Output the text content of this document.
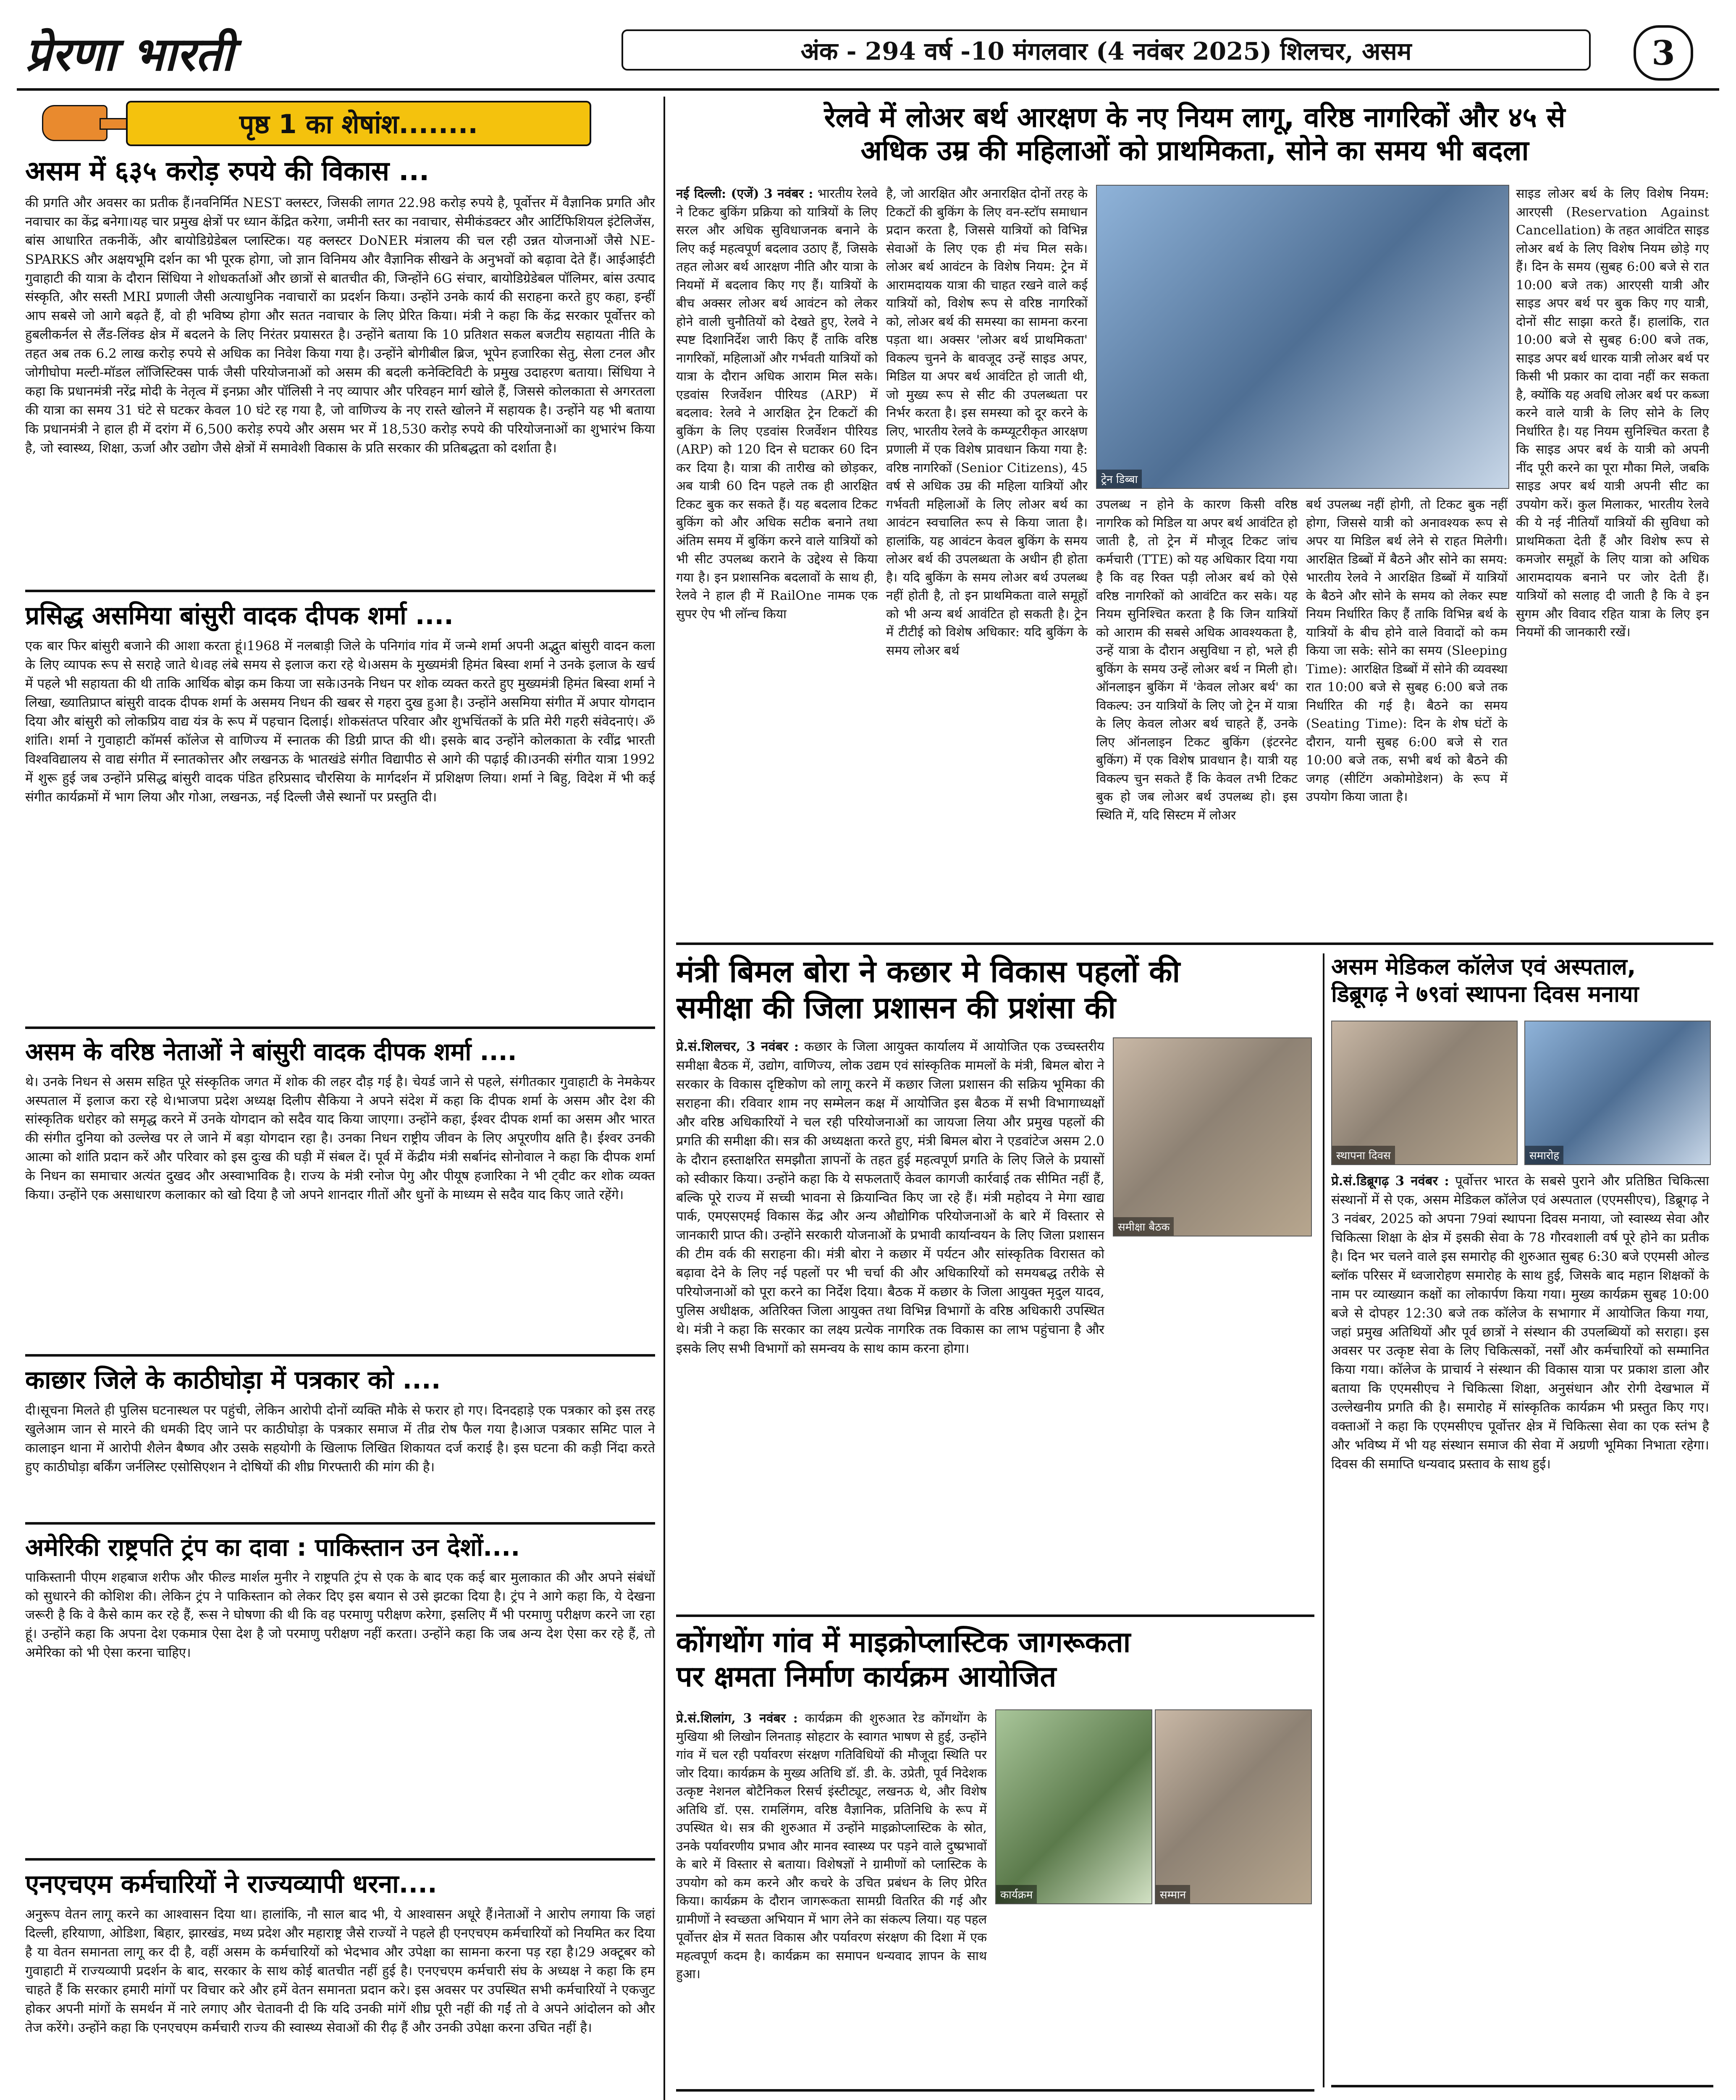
प्रेरणा भारती	अंक - 294 वर्ष -10 मंगलवार (4 नवंबर 2025) शिलचर, असम	3
पृष्ठ 1 का शेषांश........
असम में ६३५ करोड़ रुपये की विकास ...
की प्रगति और अवसर का प्रतीक हैं।नवनिर्मित NEST क्लस्टर, जिसकी लागत 22.98 करोड़ रुपये है, पूर्वोत्तर में वैज्ञानिक प्रगति और नवाचार का केंद्र बनेगा।यह चार प्रमुख क्षेत्रों पर ध्यान केंद्रित करेगा, जमीनी स्तर का नवाचार, सेमीकंडक्टर और आर्टिफिशियल इंटेलिजेंस, बांस आधारित तकनीकें, और बायोडिग्रेडेबल प्लास्टिक। यह क्लस्टर DoNER मंत्रालय की चल रही उन्नत योजनाओं जैसे NE-SPARKS और अक्षयभूमि दर्शन का भी पूरक होगा, जो ज्ञान विनिमय और वैज्ञानिक सीखने के अनुभवों को बढ़ावा देते हैं। आईआईटी गुवाहाटी की यात्रा के दौरान सिंधिया ने शोधकर्ताओं और छात्रों से बातचीत की, जिन्होंने 6G संचार, बायोडिग्रेडेबल पॉलिमर, बांस उत्पाद संस्कृति, और सस्ती MRI प्रणाली जैसी अत्याधुनिक नवाचारों का प्रदर्शन किया। उन्होंने उनके कार्य की सराहना करते हुए कहा, इन्हीं आप सबसे जो आगे बढ़ते हैं, वो ही भविष्य होगा और सतत नवाचार के लिए प्रेरित किया। मंत्री ने कहा कि केंद्र सरकार पूर्वोत्तर को हुबलीकर्नल से लैंड-लिंक्ड क्षेत्र में बदलने के लिए निरंतर प्रयासरत है। उन्होंने बताया कि 10 प्रतिशत सकल बजटीय सहायता नीति के तहत अब तक 6.2 लाख करोड़ रुपये से अधिक का निवेश किया गया है। उन्होंने बोगीबील ब्रिज, भूपेन हजारिका सेतु, सेला टनल और जोगीघोपा मल्टी-मॉडल लॉजिस्टिक्स पार्क जैसी परियोजनाओं को असम की बदली कनेक्टिविटी के प्रमुख उदाहरण बताया। सिंधिया ने कहा कि प्रधानमंत्री नरेंद्र मोदी के नेतृत्व में इनफ्रा और पॉलिसी ने नए व्यापार और परिवहन मार्ग खोले हैं, जिससे कोलकाता से अगरतला की यात्रा का समय 31 घंटे से घटकर केवल 10 घंटे रह गया है, जो वाणिज्य के नए रास्ते खोलने में सहायक है। उन्होंने यह भी बताया कि प्रधानमंत्री ने हाल ही में दरांग में 6,500 करोड़ रुपये और असम भर में 18,530 करोड़ रुपये की परियोजनाओं का शुभारंभ किया है, जो स्वास्थ्य, शिक्षा, ऊर्जा और उद्योग जैसे क्षेत्रों में समावेशी विकास के प्रति सरकार की प्रतिबद्धता को दर्शाता है।
प्रसिद्ध असमिया बांसुरी वादक दीपक शर्मा ....
एक बार फिर बांसुरी बजाने की आशा करता हूं।1968 में नलबाड़ी जिले के पनिगांव गांव में जन्मे शर्मा अपनी अद्भुत बांसुरी वादन कला के लिए व्यापक रूप से सराहे जाते थे।वह लंबे समय से इलाज करा रहे थे।असम के मुख्यमंत्री हिमंत बिस्वा शर्मा ने उनके इलाज के खर्च में पहले भी सहायता की थी ताकि आर्थिक बोझ कम किया जा सके।उनके निधन पर शोक व्यक्त करते हुए मुख्यमंत्री हिमंत बिस्वा शर्मा ने लिखा, ख्यातिप्राप्त बांसुरी वादक दीपक शर्मा के असमय निधन की खबर से गहरा दुख हुआ है। उन्होंने असमिया संगीत में अपार योगदान दिया और बांसुरी को लोकप्रिय वाद्य यंत्र के रूप में पहचान दिलाई। शोकसंतप्त परिवार और शुभचिंतकों के प्रति मेरी गहरी संवेदनाएं। ॐ शांति। शर्मा ने गुवाहाटी कॉमर्स कॉलेज से वाणिज्य में स्नातक की डिग्री प्राप्त की थी। इसके बाद उन्होंने कोलकाता के रवींद्र भारती विश्वविद्यालय से वाद्य संगीत में स्नातकोत्तर और लखनऊ के भातखंडे संगीत विद्यापीठ से आगे की पढ़ाई की।उनकी संगीत यात्रा 1992 में शुरू हुई जब उन्होंने प्रसिद्ध बांसुरी वादक पंडित हरिप्रसाद चौरसिया के मार्गदर्शन में प्रशिक्षण लिया। शर्मा ने बिहु, विदेश में भी कई संगीत कार्यक्रमों में भाग लिया और गोआ, लखनऊ, नई दिल्ली जैसे स्थानों पर प्रस्तुति दी।
असम के वरिष्ठ नेताओं ने बांसुरी वादक दीपक शर्मा ....
थे। उनके निधन से असम सहित पूरे संस्कृतिक जगत में शोक की लहर दौड़ गई है। चेयर्ड जाने से पहले, संगीतकार गुवाहाटी के नेमकेयर अस्पताल में इलाज करा रहे थे।भाजपा प्रदेश अध्यक्ष दिलीप सैकिया ने अपने संदेश में कहा कि दीपक शर्मा के असम और देश की सांस्कृतिक धरोहर को समृद्ध करने में उनके योगदान को सदैव याद किया जाएगा। उन्होंने कहा, ईश्वर दीपक शर्मा का असम और भारत की संगीत दुनिया को उल्लेख पर ले जाने में बड़ा योगदान रहा है। उनका निधन राष्ट्रीय जीवन के लिए अपूरणीय क्षति है। ईश्वर उनकी आत्मा को शांति प्रदान करें और परिवार को इस दुःख की घड़ी में संबल दें। पूर्व में केंद्रीय मंत्री सर्बानंद सोनोवाल ने कहा कि दीपक शर्मा के निधन का समाचार अत्यंत दुखद और अस्वाभाविक है। राज्य के मंत्री रनोज पेगु और पीयूष हजारिका ने भी ट्वीट कर शोक व्यक्त किया। उन्होंने एक असाधारण कलाकार को खो दिया है जो अपने शानदार गीतों और धुनों के माध्यम से सदैव याद किए जाते रहेंगे।
काछार जिले के काठीघोड़ा में पत्रकार को ....
दी।सूचना मिलते ही पुलिस घटनास्थल पर पहुंची, लेकिन आरोपी दोनों व्यक्ति मौके से फरार हो गए। दिनदहाड़े एक पत्रकार को इस तरह खुलेआम जान से मारने की धमकी दिए जाने पर काठीघोड़ा के पत्रकार समाज में तीव्र रोष फैल गया है।आज पत्रकार समिट पाल ने कालाइन थाना में आरोपी शैलेन बैष्णव और उसके सहयोगी के खिलाफ लिखित शिकायत दर्ज कराई है। इस घटना की कड़ी निंदा करते हुए काठीघोड़ा बर्किंग जर्नलिस्ट एसोसिएशन ने दोषियों की शीघ्र गिरफ्तारी की मांग की है।
अमेरिकी राष्ट्रपति ट्रंप का दावा : पाकिस्तान उन देशों....
पाकिस्तानी पीएम शहबाज शरीफ और फील्ड मार्शल मुनीर ने राष्ट्रपति ट्रंप से एक के बाद एक कई बार मुलाकात की और अपने संबंधों को सुधारने की कोशिश की। लेकिन ट्रंप ने पाकिस्तान को लेकर दिए इस बयान से उसे झटका दिया है। ट्रंप ने आगे कहा कि, ये देखना जरूरी है कि वे कैसे काम कर रहे हैं, रूस ने घोषणा की थी कि वह परमाणु परीक्षण करेगा, इसलिए मैं भी परमाणु परीक्षण करने जा रहा हूं। उन्होंने कहा कि अपना देश एकमात्र ऐसा देश है जो परमाणु परीक्षण नहीं करता। उन्होंने कहा कि जब अन्य देश ऐसा कर रहे हैं, तो अमेरिका को भी ऐसा करना चाहिए।
एनएचएम कर्मचारियों ने राज्यव्यापी धरना....
अनुरूप वेतन लागू करने का आश्वासन दिया था। हालांकि, नौ साल बाद भी, ये आश्वासन अधूरे हैं।नेताओं ने आरोप लगाया कि जहां दिल्ली, हरियाणा, ओडिशा, बिहार, झारखंड, मध्य प्रदेश और महाराष्ट्र जैसे राज्यों ने पहले ही एनएचएम कर्मचारियों को नियमित कर दिया है या वेतन समानता लागू कर दी है, वहीं असम के कर्मचारियों को भेदभाव और उपेक्षा का सामना करना पड़ रहा है।29 अक्टूबर को गुवाहाटी में राज्यव्यापी प्रदर्शन के बाद, सरकार के साथ कोई बातचीत नहीं हुई है। एनएचएम कर्मचारी संघ के अध्यक्ष ने कहा कि हम चाहते हैं कि सरकार हमारी मांगों पर विचार करे और हमें वेतन समानता प्रदान करे। इस अवसर पर उपस्थित सभी कर्मचारियों ने एकजुट होकर अपनी मांगों के समर्थन में नारे लगाए और चेतावनी दी कि यदि उनकी मांगें शीघ्र पूरी नहीं की गईं तो वे अपने आंदोलन को और तेज करेंगे। उन्होंने कहा कि एनएचएम कर्मचारी राज्य की स्वास्थ्य सेवाओं की रीढ़ हैं और उनकी उपेक्षा करना उचित नहीं है।
रेलवे में लोअर बर्थ आरक्षण के नए नियम लागू, वरिष्ठ नागरिकों और ४५ से
अधिक उम्र की महिलाओं को प्राथमिकता, सोने का समय भी बदला
नई दिल्ली: (एजें) 3 नवंबर : भारतीय रेलवे ने टिकट बुकिंग प्रक्रिया को यात्रियों के लिए सरल और अधिक सुविधाजनक बनाने के लिए कई महत्वपूर्ण बदलाव उठाए हैं, जिसके तहत लोअर बर्थ आरक्षण नीति और यात्रा के नियमों में बदलाव किए गए हैं। यात्रियों के बीच अक्सर लोअर बर्थ आवंटन को लेकर होने वाली चुनौतियों को देखते हुए, रेलवे ने स्पष्ट दिशानिर्देश जारी किए हैं ताकि वरिष्ठ नागरिकों, महिलाओं और गर्भवती यात्रियों को यात्रा के दौरान अधिक आराम मिल सके। एडवांस रिजर्वेशन पीरियड (ARP) में बदलाव: रेलवे ने आरक्षित ट्रेन टिकटों की बुकिंग के लिए एडवांस रिजर्वेशन पीरियड (ARP) को 120 दिन से घटाकर 60 दिन कर दिया है। यात्रा की तारीख को छोड़कर, अब यात्री 60 दिन पहले तक ही आरक्षित टिकट बुक कर सकते हैं। यह बदलाव टिकट बुकिंग को और अधिक सटीक बनाने तथा अंतिम समय में बुकिंग करने वाले यात्रियों को भी सीट उपलब्ध कराने के उद्देश्य से किया गया है। इन प्रशासनिक बदलावों के साथ ही, रेलवे ने हाल ही में RailOne नामक एक सुपर ऐप भी लॉन्च किया
है, जो आरक्षित और अनारक्षित दोनों तरह के टिकटों की बुकिंग के लिए वन-स्टॉप समाधान प्रदान करता है, जिससे यात्रियों को विभिन्न सेवाओं के लिए एक ही मंच मिल सके। लोअर बर्थ आवंटन के विशेष नियम: ट्रेन में आरामदायक यात्रा की चाहत रखने वाले कई यात्रियों को, विशेष रूप से वरिष्ठ नागरिकों को, लोअर बर्थ की समस्या का सामना करना पड़ता था। अक्सर 'लोअर बर्थ प्राथमिकता' विकल्प चुनने के बावजूद उन्हें साइड अपर, मिडिल या अपर बर्थ आवंटित हो जाती थी, जो मुख्य रूप से सीट की उपलब्धता पर निर्भर करता है। इस समस्या को दूर करने के लिए, भारतीय रेलवे के कम्प्यूटरीकृत आरक्षण प्रणाली में एक विशेष प्रावधान किया गया है: वरिष्ठ नागरिकों (Senior Citizens), 45 वर्ष से अधिक उम्र की महिला यात्रियों और गर्भवती महिलाओं के लिए लोअर बर्थ का आवंटन स्वचालित रूप से किया जाता है। हालांकि, यह आवंटन केवल बुकिंग के समय लोअर बर्थ की उपलब्धता के अधीन ही होता है। यदि बुकिंग के समय लोअर बर्थ उपलब्ध नहीं होती है, तो इन प्राथमिकता वाले समूहों को भी अन्य बर्थ आवंटित हो सकती है। ट्रेन में टीटीई को विशेष अधिकार: यदि बुकिंग के समय लोअर बर्थ
ट्रेन डिब्बा
उपलब्ध न होने के कारण किसी वरिष्ठ नागरिक को मिडिल या अपर बर्थ आवंटित हो जाती है, तो ट्रेन में मौजूद टिकट जांच कर्मचारी (TTE) को यह अधिकार दिया गया है कि वह रिक्त पड़ी लोअर बर्थ को ऐसे वरिष्ठ नागरिकों को आवंटित कर सके। यह नियम सुनिश्चित करता है कि जिन यात्रियों को आराम की सबसे अधिक आवश्यकता है, उन्हें यात्रा के दौरान असुविधा न हो, भले ही बुकिंग के समय उन्हें लोअर बर्थ न मिली हो। ऑनलाइन बुकिंग में 'केवल लोअर बर्थ' का विकल्प: उन यात्रियों के लिए जो ट्रेन में यात्रा के लिए केवल लोअर बर्थ चाहते हैं, उनके लिए ऑनलाइन टिकट बुकिंग (इंटरनेट बुकिंग) में एक विशेष प्रावधान है। यात्री यह विकल्प चुन सकते हैं कि केवल तभी टिकट बुक हो जब लोअर बर्थ उपलब्ध हो। इस स्थिति में, यदि सिस्टम में लोअर
बर्थ उपलब्ध नहीं होगी, तो टिकट बुक नहीं होगा, जिससे यात्री को अनावश्यक रूप से अपर या मिडिल बर्थ लेने से राहत मिलेगी। आरक्षित डिब्बों में बैठने और सोने का समय: भारतीय रेलवे ने आरक्षित डिब्बों में यात्रियों के बैठने और सोने के समय को लेकर स्पष्ट नियम निर्धारित किए हैं ताकि विभिन्न बर्थ के यात्रियों के बीच होने वाले विवादों को कम किया जा सके: सोने का समय (Sleeping Time): आरक्षित डिब्बों में सोने की व्यवस्था रात 10:00 बजे से सुबह 6:00 बजे तक निर्धारित की गई है। बैठने का समय (Seating Time): दिन के शेष घंटों के दौरान, यानी सुबह 6:00 बजे से रात 10:00 बजे तक, सभी बर्थ को बैठने की जगह (सीटिंग अकोमोडेशन) के रूप में उपयोग किया जाता है।
साइड लोअर बर्थ के लिए विशेष नियम: आरएसी (Reservation Against Cancellation) के तहत आवंटित साइड लोअर बर्थ के लिए विशेष नियम छोड़े गए हैं। दिन के समय (सुबह 6:00 बजे से रात 10:00 बजे तक) आरएसी यात्री और साइड अपर बर्थ पर बुक किए गए यात्री, दोनों सीट साझा करते हैं। हालांकि, रात 10:00 बजे से सुबह 6:00 बजे तक, साइड अपर बर्थ धारक यात्री लोअर बर्थ पर किसी भी प्रकार का दावा नहीं कर सकता है, क्योंकि यह अवधि लोअर बर्थ पर कब्जा करने वाले यात्री के लिए सोने के लिए निर्धारित है। यह नियम सुनिश्चित करता है कि साइड अपर बर्थ के यात्री को अपनी नींद पूरी करने का पूरा मौका मिले, जबकि साइड अपर बर्थ यात्री अपनी सीट का उपयोग करें। कुल मिलाकर, भारतीय रेलवे की ये नई नीतियाँ यात्रियों की सुविधा को प्राथमिकता देती हैं और विशेष रूप से कमजोर समूहों के लिए यात्रा को अधिक आरामदायक बनाने पर जोर देती हैं। यात्रियों को सलाह दी जाती है कि वे इन सुगम और विवाद रहित यात्रा के लिए इन नियमों की जानकारी रखें।
मंत्री बिमल बोरा ने कछार मे विकास पहलों की
समीक्षा की जिला प्रशासन की प्रशंसा की
समीक्षा बैठक
प्रे.सं.शिलचर, 3 नवंबर : कछार के जिला आयुक्त कार्यालय में आयोजित एक उच्चस्तरीय समीक्षा बैठक में, उद्योग, वाणिज्य, लोक उद्यम एवं सांस्कृतिक मामलों के मंत्री, बिमल बोरा ने सरकार के विकास दृष्टिकोण को लागू करने में कछार जिला प्रशासन की सक्रिय भूमिका की सराहना की। रविवार शाम नए सम्मेलन कक्ष में आयोजित इस बैठक में सभी विभागाध्यक्षों और वरिष्ठ अधिकारियों ने चल रही परियोजनाओं का जायजा लिया और प्रमुख पहलों की प्रगति की समीक्षा की। सत्र की अध्यक्षता करते हुए, मंत्री बिमल बोरा ने एडवांटेज असम 2.0 के दौरान हस्ताक्षरित समझौता ज्ञापनों के तहत हुई महत्वपूर्ण प्रगति के लिए जिले के प्रयासों को स्वीकार किया। उन्होंने कहा कि ये सफलताएँ केवल कागजी कार्रवाई तक सीमित नहीं हैं, बल्कि पूरे राज्य में सच्ची भावना से क्रियान्वित किए जा रहे हैं। मंत्री महोदय ने मेगा खाद्य पार्क, एमएसएमई विकास केंद्र और अन्य औद्योगिक परियोजनाओं के बारे में विस्तार से जानकारी प्राप्त की। उन्होंने सरकारी योजनाओं के प्रभावी कार्यान्वयन के लिए जिला प्रशासन की टीम वर्क की सराहना की। मंत्री बोरा ने कछार में पर्यटन और सांस्कृतिक विरासत को बढ़ावा देने के लिए नई पहलों पर भी चर्चा की और अधिकारियों को समयबद्ध तरीके से परियोजनाओं को पूरा करने का निर्देश दिया। बैठक में कछार के जिला आयुक्त मृदुल यादव, पुलिस अधीक्षक, अतिरिक्त जिला आयुक्त तथा विभिन्न विभागों के वरिष्ठ अधिकारी उपस्थित थे। मंत्री ने कहा कि सरकार का लक्ष्य प्रत्येक नागरिक तक विकास का लाभ पहुंचाना है और इसके लिए सभी विभागों को समन्वय के साथ काम करना होगा।
कोंगथोंग गांव में माइक्रोप्लास्टिक जागरूकता
पर क्षमता निर्माण कार्यक्रम आयोजित
कार्यक्रम	सम्मान
प्रे.सं.शिलांग, 3 नवंबर : कार्यक्रम की शुरुआत रेड कोंगथोंग के मुखिया श्री लिखोन लिनताड़ सोहटार के स्वागत भाषण से हुई, उन्होंने गांव में चल रही पर्यावरण संरक्षण गतिविधियों की मौजूदा स्थिति पर जोर दिया। कार्यक्रम के मुख्य अतिथि डॉ. डी. के. उप्रेती, पूर्व निदेशक उत्कृष्ट नेशनल बोटैनिकल रिसर्च इंस्टीट्यूट, लखनऊ थे, और विशेष अतिथि डॉ. एस. रामलिंगम, वरिष्ठ वैज्ञानिक, प्रतिनिधि के रूप में उपस्थित थे। सत्र की शुरुआत में उन्होंने माइक्रोप्लास्टिक के स्रोत, उनके पर्यावरणीय प्रभाव और मानव स्वास्थ्य पर पड़ने वाले दुष्प्रभावों के बारे में विस्तार से बताया। विशेषज्ञों ने ग्रामीणों को प्लास्टिक के उपयोग को कम करने और कचरे के उचित प्रबंधन के लिए प्रेरित किया। कार्यक्रम के दौरान जागरूकता सामग्री वितरित की गई और ग्रामीणों ने स्वच्छता अभियान में भाग लेने का संकल्प लिया। यह पहल पूर्वोत्तर क्षेत्र में सतत विकास और पर्यावरण संरक्षण की दिशा में एक महत्वपूर्ण कदम है। कार्यक्रम का समापन धन्यवाद ज्ञापन के साथ हुआ।
असम मेडिकल कॉलेज एवं अस्पताल,
डिब्रूगढ़ ने ७९वां स्थापना दिवस मनाया
स्थापना दिवस	समारोह
प्रे.सं.डिब्रूगढ़ 3 नवंबर : पूर्वोत्तर भारत के सबसे पुराने और प्रतिष्ठित चिकित्सा संस्थानों में से एक, असम मेडिकल कॉलेज एवं अस्पताल (एएमसीएच), डिब्रूगढ़ ने 3 नवंबर, 2025 को अपना 79वां स्थापना दिवस मनाया, जो स्वास्थ्य सेवा और चिकित्सा शिक्षा के क्षेत्र में इसकी सेवा के 78 गौरवशाली वर्ष पूरे होने का प्रतीक है। दिन भर चलने वाले इस समारोह की शुरुआत सुबह 6:30 बजे एएमसी ओल्ड ब्लॉक परिसर में ध्वजारोहण समारोह के साथ हुई, जिसके बाद महान शिक्षकों के नाम पर व्याख्यान कक्षों का लोकार्पण किया गया। मुख्य कार्यक्रम सुबह 10:00 बजे से दोपहर 12:30 बजे तक कॉलेज के सभागार में आयोजित किया गया, जहां प्रमुख अतिथियों और पूर्व छात्रों ने संस्थान की उपलब्धियों को सराहा। इस अवसर पर उत्कृष्ट सेवा के लिए चिकित्सकों, नर्सों और कर्मचारियों को सम्मानित किया गया। कॉलेज के प्राचार्य ने संस्थान की विकास यात्रा पर प्रकाश डाला और बताया कि एएमसीएच ने चिकित्सा शिक्षा, अनुसंधान और रोगी देखभाल में उल्लेखनीय प्रगति की है। समारोह में सांस्कृतिक कार्यक्रम भी प्रस्तुत किए गए। वक्ताओं ने कहा कि एएमसीएच पूर्वोत्तर क्षेत्र में चिकित्सा सेवा का एक स्तंभ है और भविष्य में भी यह संस्थान समाज की सेवा में अग्रणी भूमिका निभाता रहेगा। दिवस की समाप्ति धन्यवाद प्रस्ताव के साथ हुई।
